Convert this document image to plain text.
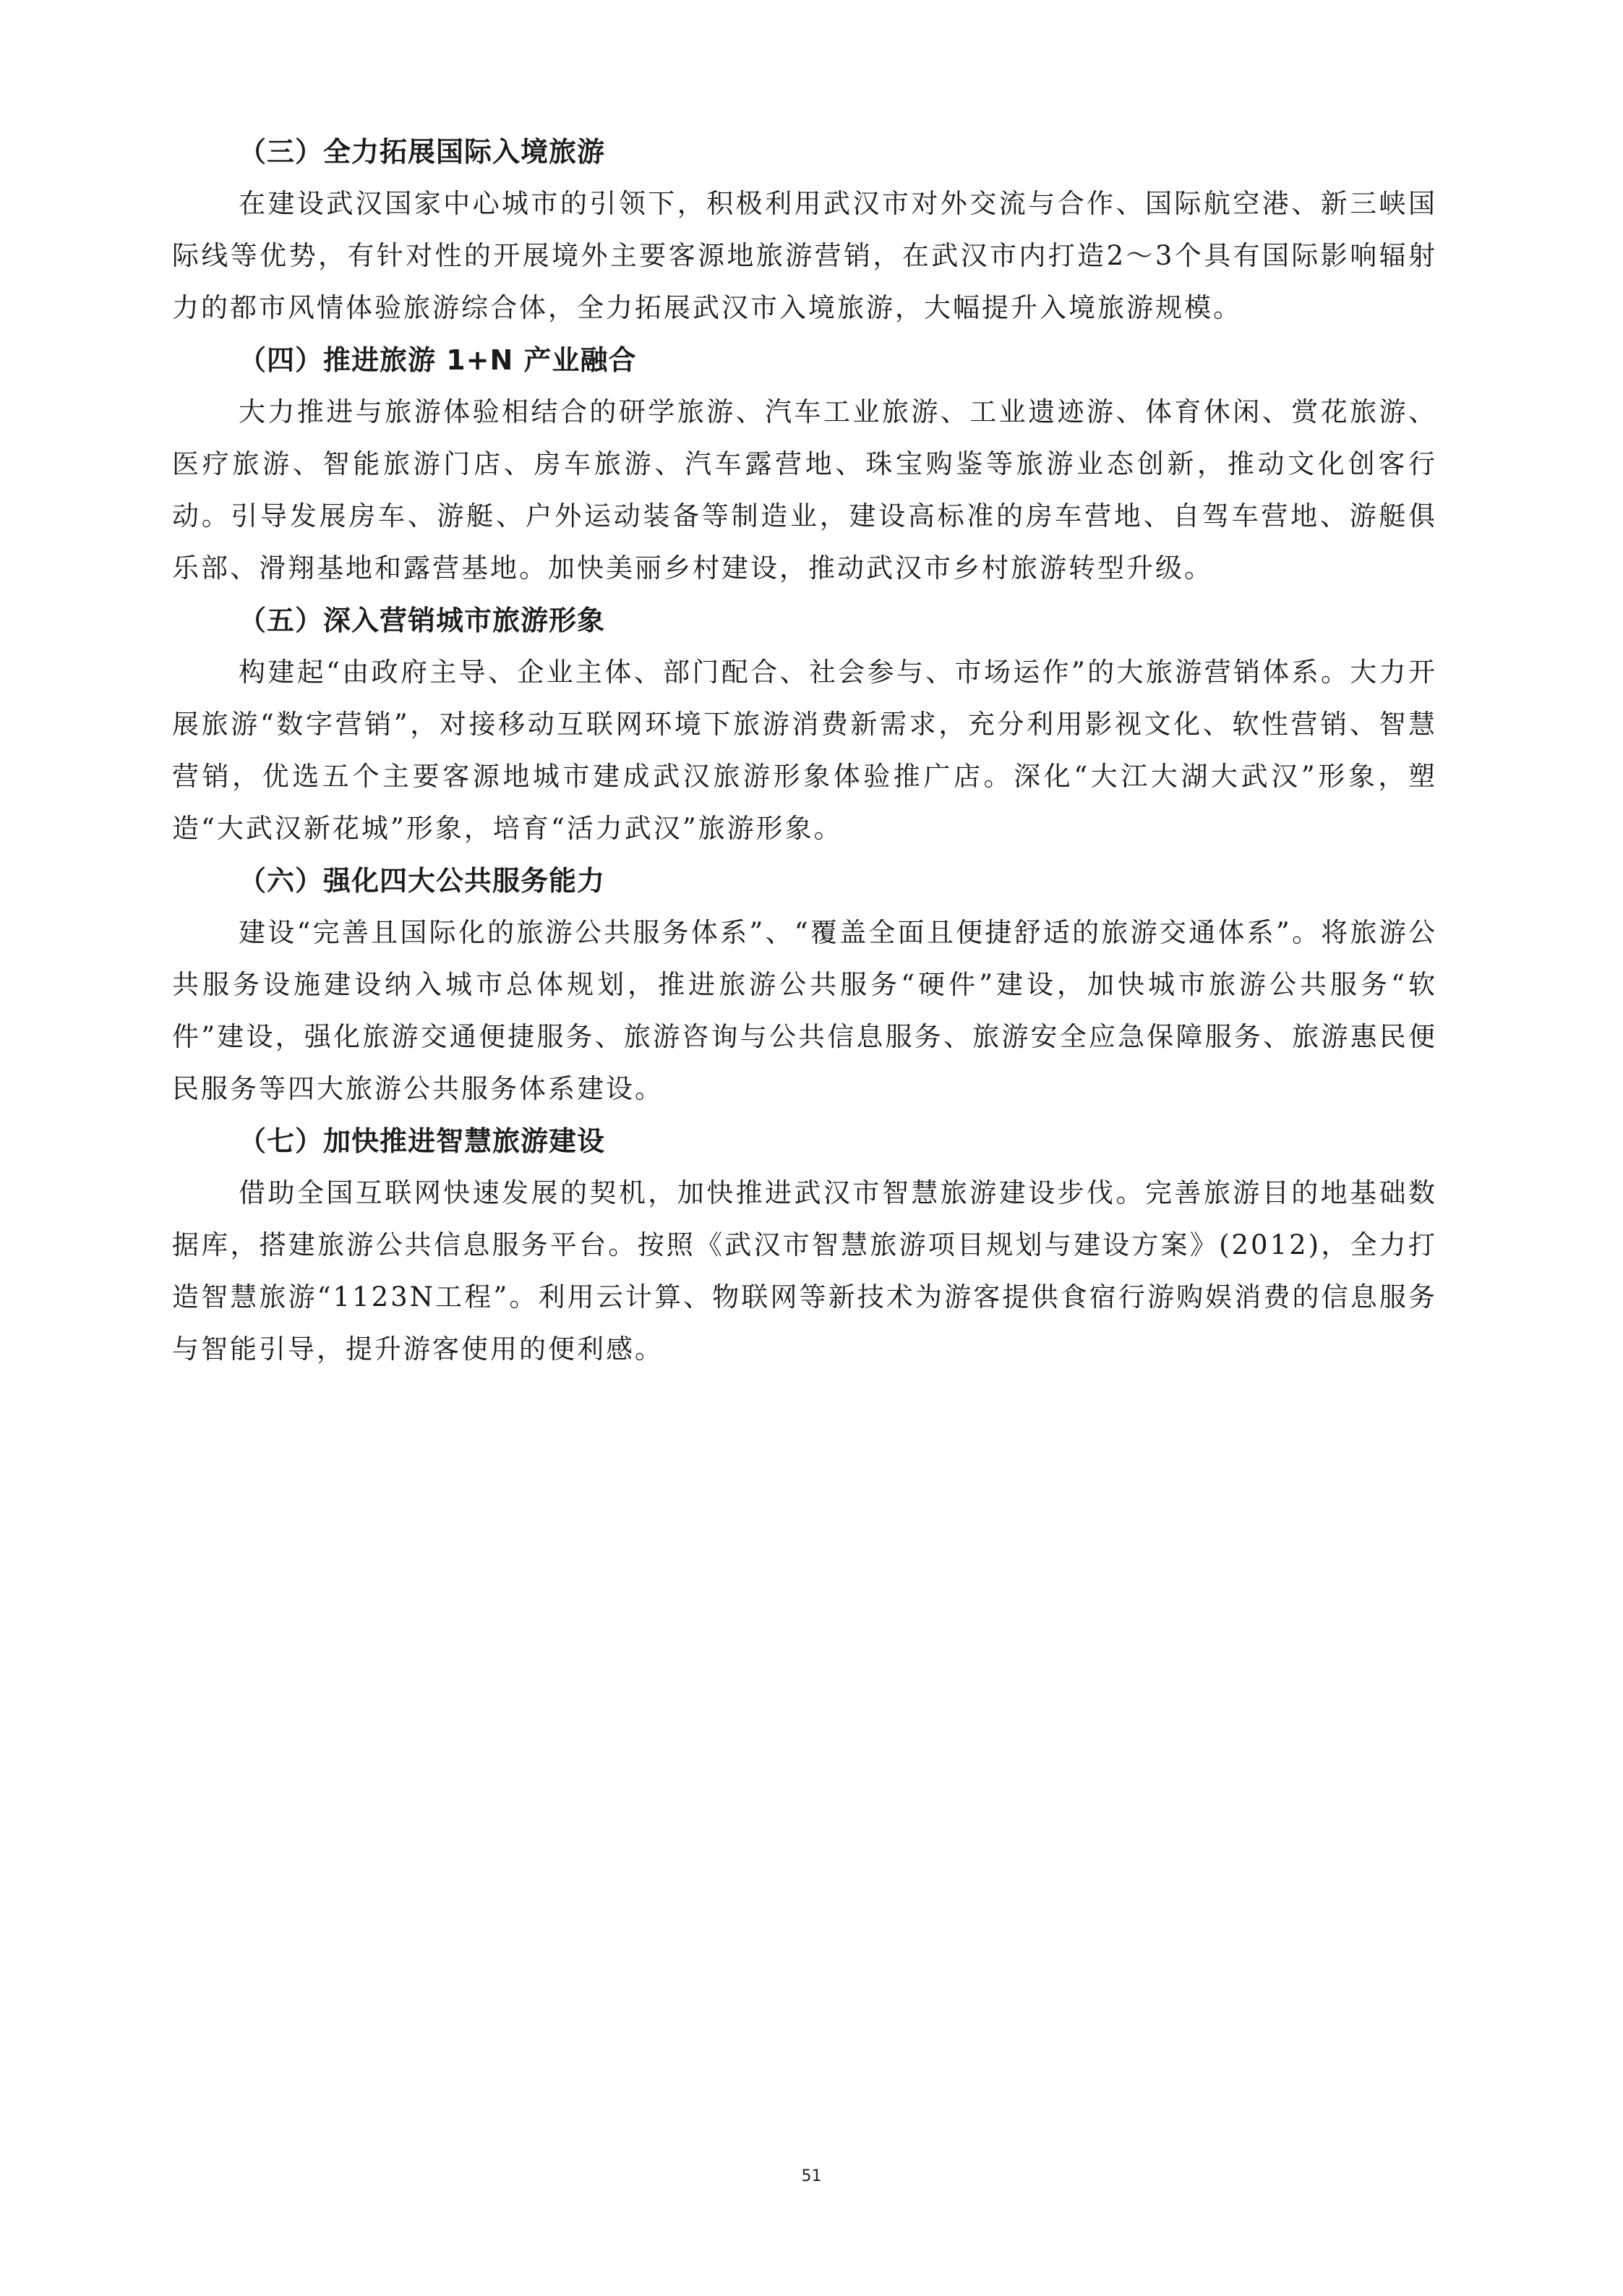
（三）全力拓展国际入境旅游
在建设武汉国家中心城市的引领下，积极利用武汉市对外交流与合作、国际航空港、新三峡国际线等优势，有针对性的开展境外主要客源地旅游营销，在武汉市内打造2～3个具有国际影响辐射力的都市风情体验旅游综合体，全力拓展武汉市入境旅游，大幅提升入境旅游规模。
（四）推进旅游 1+N 产业融合
大力推进与旅游体验相结合的研学旅游、汽车工业旅游、工业遗迹游、体育休闲、赏花旅游、医疗旅游、智能旅游门店、房车旅游、汽车露营地、珠宝购鉴等旅游业态创新，推动文化创客行动。引导发展房车、游艇、户外运动装备等制造业，建设高标准的房车营地、自驾车营地、游艇俱乐部、滑翔基地和露营基地。加快美丽乡村建设，推动武汉市乡村旅游转型升级。
（五）深入营销城市旅游形象
构建起“由政府主导、企业主体、部门配合、社会参与、市场运作”的大旅游营销体系。大力开展旅游“数字营销”，对接移动互联网环境下旅游消费新需求，充分利用影视文化、软性营销、智慧营销，优选五个主要客源地城市建成武汉旅游形象体验推广店。深化“大江大湖大武汉”形象，塑造“大武汉新花城”形象，培育“活力武汉”旅游形象。
（六）强化四大公共服务能力
建设“完善且国际化的旅游公共服务体系”、“覆盖全面且便捷舒适的旅游交通体系”。将旅游公共服务设施建设纳入城市总体规划，推进旅游公共服务“硬件”建设，加快城市旅游公共服务“软件”建设，强化旅游交通便捷服务、旅游咨询与公共信息服务、旅游安全应急保障服务、旅游惠民便民服务等四大旅游公共服务体系建设。
（七）加快推进智慧旅游建设
借助全国互联网快速发展的契机，加快推进武汉市智慧旅游建设步伐。完善旅游目的地基础数据库，搭建旅游公共信息服务平台。按照《武汉市智慧旅游项目规划与建设方案》(2012)，全力打造智慧旅游“1123N工程”。利用云计算、物联网等新技术为游客提供食宿行游购娱消费的信息服务与智能引导，提升游客使用的便利感。
51
